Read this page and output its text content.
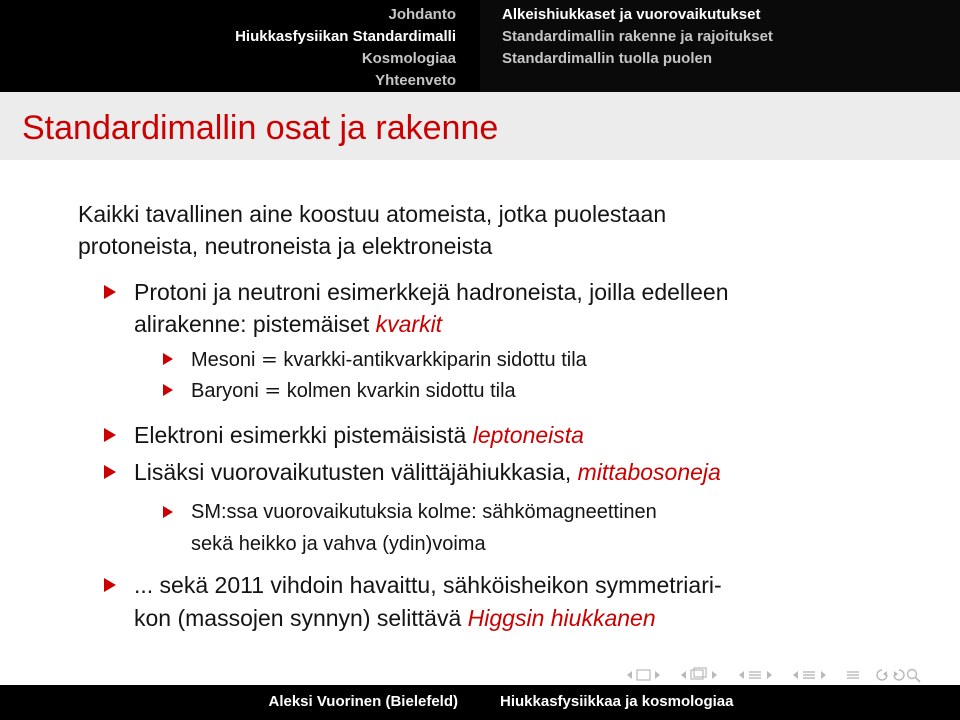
Johdanto
Hiukkasfysiikan Standardimalli
Kosmologiaa
Yhteenveto
Alkeishiukkaset ja vuorovaikutukset
Standardimallin rakenne ja rajoitukset
Standardimallin tuolla puolen
Standardimallin osat ja rakenne
Kaikki tavallinen aine koostuu atomeista, jotka puolestaan
protoneista, neutroneista ja elektroneista
Protoni ja neutroni esimerkkejä hadroneista, joilla edelleen
alirakenne: pistemäiset kvarkit
Mesoni = kvarkki-antikvarkkiparin sidottu tila
Baryoni = kolmen kvarkin sidottu tila
Elektroni esimerkki pistemäisistä leptoneista
Lisäksi vuorovaikutusten välittäjähiukkasia, mittabosoneja
SM:ssa vuorovaikutuksia kolme: sähkömagneettinen
sekä heikko ja vahva (ydin)voima
... sekä 2011 vihdoin havaittu, sähköisheikon symmetriari-
kon (massojen synnyn) selittävä Higgsin hiukkanen
Aleksi Vuorinen (Bielefeld)	Hiukkasfysiikkaa ja kosmologiaa
